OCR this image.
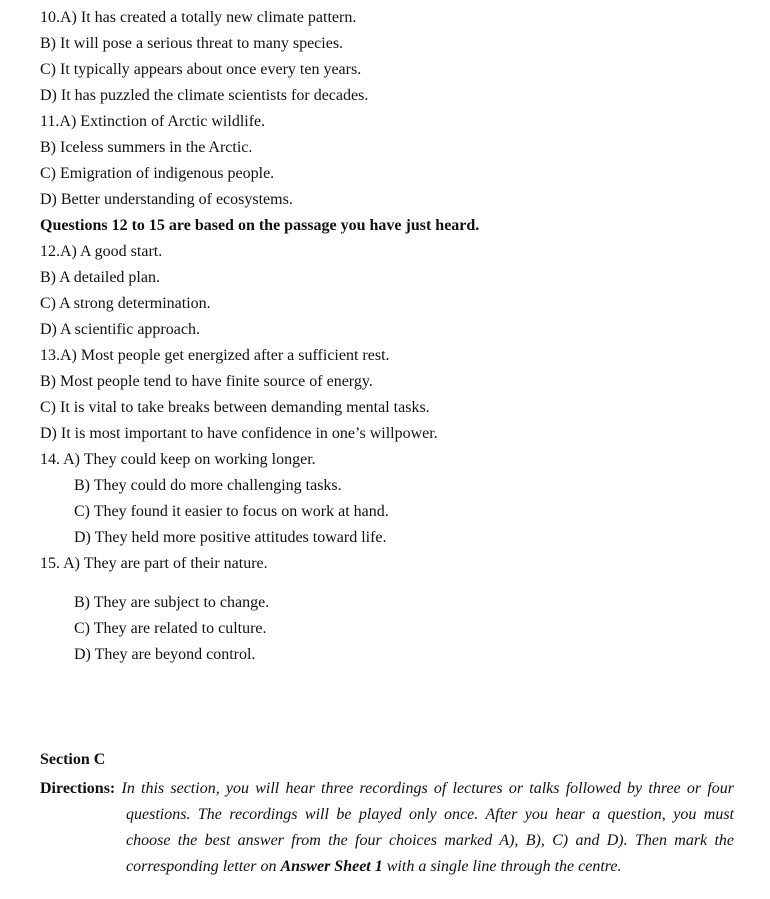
10.A) It has created a totally new climate pattern.
B) It will pose a serious threat to many species.
C) It typically appears about once every ten years.
D) It has puzzled the climate scientists for decades.
11.A) Extinction of Arctic wildlife.
B) Iceless summers in the Arctic.
C) Emigration of indigenous people.
D) Better understanding of ecosystems.
Questions 12 to 15 are based on the passage you have just heard.
12.A) A good start.
B) A detailed plan.
C) A strong determination.
D) A scientific approach.
13.A) Most people get energized after a sufficient rest.
B) Most people tend to have finite source of energy.
C) It is vital to take breaks between demanding mental tasks.
D) It is most important to have confidence in one’s willpower.
14. A) They could keep on working longer.
B) They could do more challenging tasks.
C) They found it easier to focus on work at hand.
D) They held more positive attitudes toward life.
15. A) They are part of their nature.
B) They are subject to change.
C) They are related to culture.
D) They are beyond control.
Section C
Directions: In this section, you will hear three recordings of lectures or talks followed by three or four questions. The recordings will be played only once. After you hear a question, you must choose the best answer from the four choices marked A), B), C) and D). Then mark the corresponding letter on Answer Sheet 1 with a single line through the centre.
